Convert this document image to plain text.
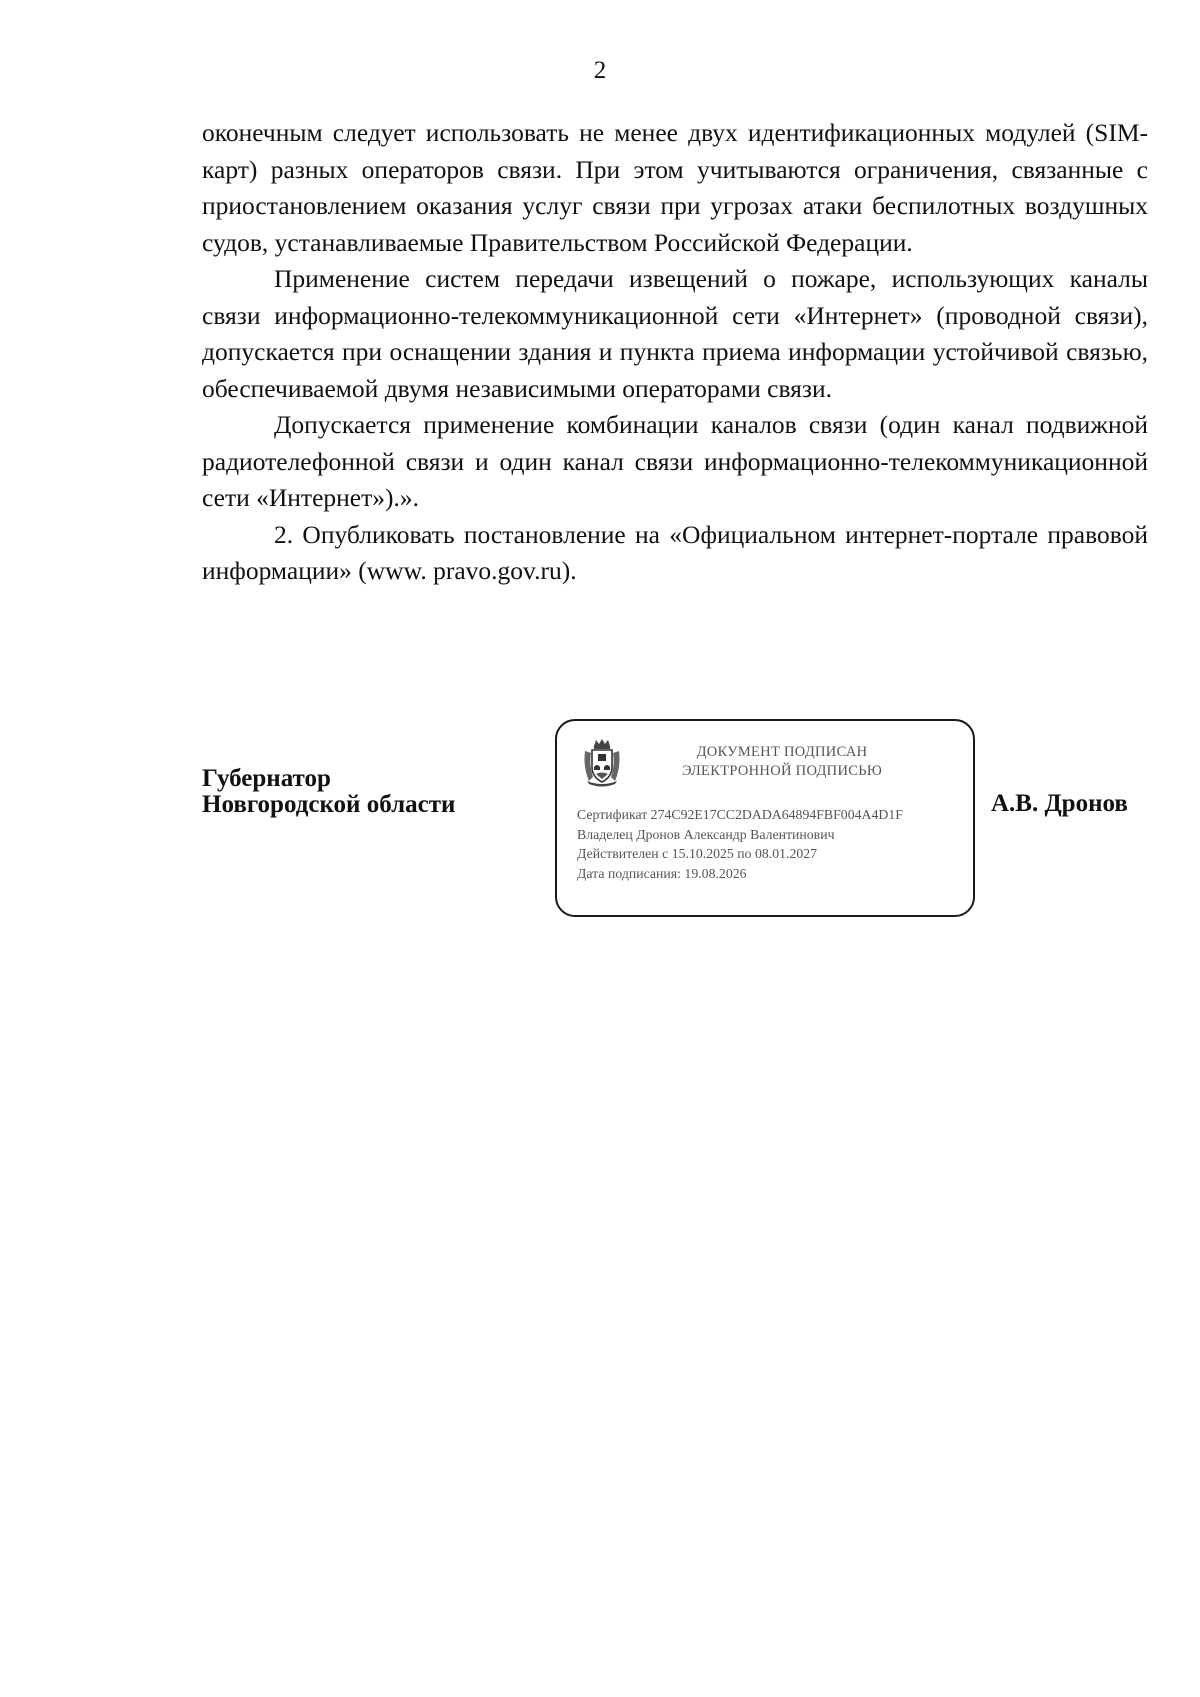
2

оконечным следует использовать не менее двух идентификационных модулей (SIM-карт) разных операторов связи. При этом учитываются ограничения, связанные с приостановлением оказания услуг связи при угрозах атаки беспилотных воздушных судов, устанавливаемые Правительством Российской Федерации.

Применение систем передачи извещений о пожаре, использующих каналы связи информационно-телекоммуникационной сети «Интернет» (проводной связи), допускается при оснащении здания и пункта приема информации устойчивой связью, обеспечиваемой двумя независимыми операторами связи.

Допускается применение комбинации каналов связи (один канал подвижной радиотелефонной связи и один канал связи информационно-телекоммуникационной сети «Интернет»).».

2. Опубликовать постановление на «Официальном интернет-портале правовой информации» (www. pravo.gov.ru).

Губернатор
Новгородской области
ДОКУМЕНТ ПОДПИСАН
ЭЛЕКТРОННОЙ ПОДПИСЬЮ
Сертификат 274C92E17CC2DADA64894FBF004A4D1F
Владелец Дронов Александр Валентинович
Действителен с 15.10.2025 по 08.01.2027
Дата подписания: 19.08.2026
А.В. Дронов
